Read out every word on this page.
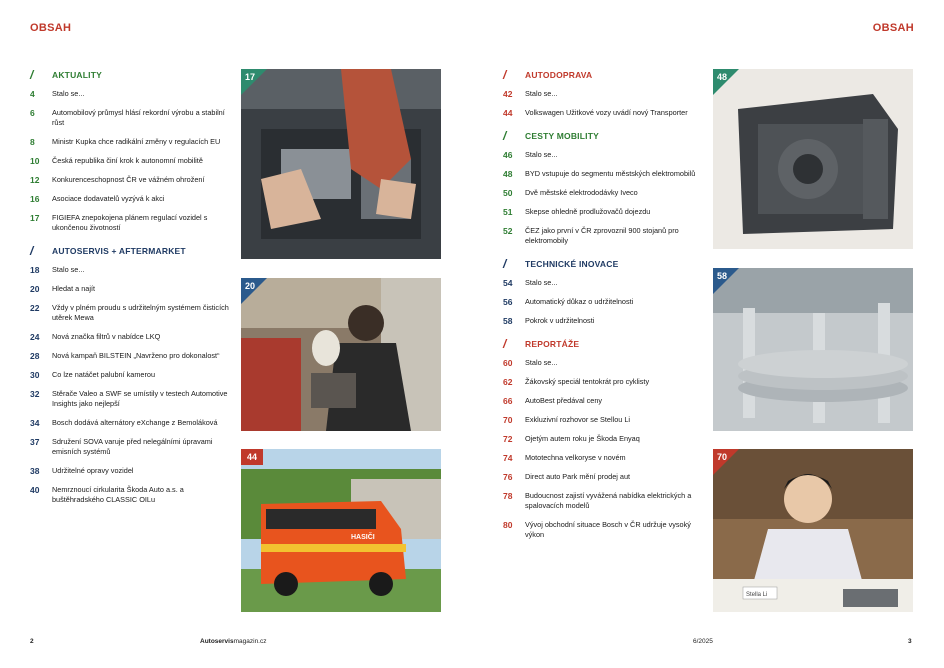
OBSAH	OBSAH
/	AKTUALITY
4	Stalo se...
6	Automobilový průmysl hlásí rekordní výrobu a stabilní růst
8	Ministr Kupka chce radikální změny v regulacích EU
10	Česká republika činí krok k autonomní mobilitě
12	Konkurenceschopnost ČR ve vážném ohrožení
16	Asociace dodavatelů vyzývá k akci
17	FIGIEFA znepokojena plánem regulací vozidel s ukončenou životností
/	AUTOSERVIS + AFTERMARKET
18	Stalo se...
20	Hledat a najít
22	Vždy v plném proudu s udržitelným systémem čisticích utěrek Mewa
24	Nová značka filtrů v nabídce LKQ
28	Nová kampaň BILSTEIN „Navrženo pro dokonalost“
30	Co lze natáčet palubní kamerou
32	Stěrače Valeo a SWF se umístily v testech Automotive Insights jako nejlepší
34	Bosch dodává alternátory eXchange z Bemoláková
37	Sdružení SOVA varuje před nelegálními úpravami emisních systémů
38	Udržitelné opravy vozidel
40	Nemrznoucí cirkularita Škoda Auto a.s. a buštěhradského CLASSIC OILu
/	AUTODOPRAVA
42	Stalo se...
44	Volkswagen Užitkové vozy uvádí nový Transporter
/	CESTY MOBILITY
46	Stalo se...
48	BYD vstupuje do segmentu městských elektromobilů
50	Dvě městské elektrododávky Iveco
51	Skepse ohledně prodlužovačů dojezdu
52	ČEZ jako první v ČR zprovoznil 900 stojanů pro elektromobily
/	TECHNICKÉ INOVACE
54	Stalo se...
56	Automatický důkaz o udržitelnosti
58	Pokrok v udržitelnosti
/	REPORTÁŽE
60	Stalo se...
62	Žákovský speciál tentokrát pro cyklisty
66	AutoBest předával ceny
70	Exkluzivní rozhovor se Stellou Li
72	Ojetým autem roku je Škoda Enyaq
74	Mototechna velkoryse v novém
76	Direct auto Park mění prodej aut
78	Budoucnost zajistí vyvážená nabídka elektrických a spalovacích modelů
80	Vývoj obchodní situace Bosch v ČR udržuje vysoký výkon
17
20
HASIČI
44
48
58
Stella Li
70
2	Autoservismagazin.cz	6/2025	3
